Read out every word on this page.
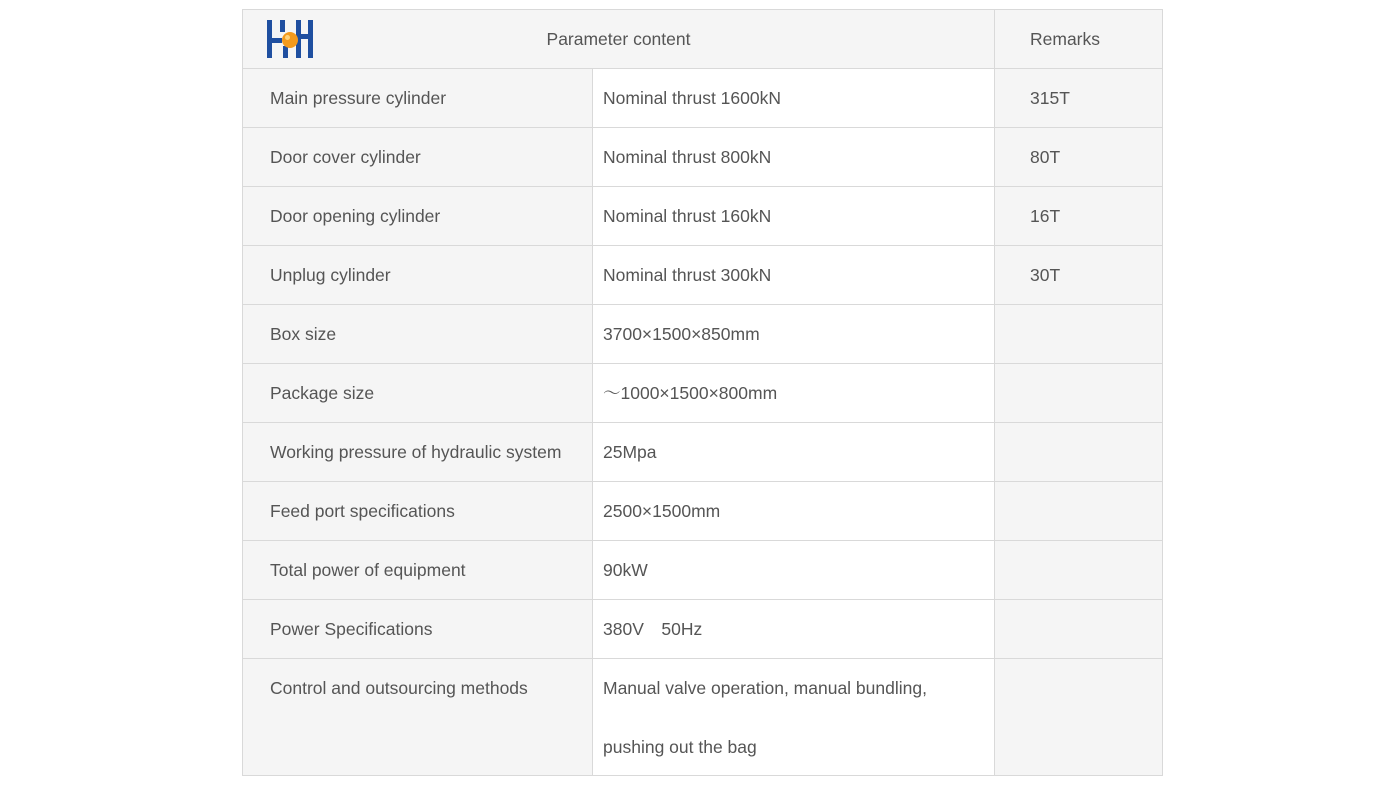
Parameter content		Remarks
Main pressure cylinder	Nominal thrust 1600kN	315T
Door cover cylinder	Nominal thrust 800kN	80T
Door opening cylinder	Nominal thrust 160kN	16T
Unplug cylinder	Nominal thrust 300kN	30T
Box size	3700×1500×850mm	
Package size	～1000×1500×800mm	
Working pressure of hydraulic system	25Mpa	
Feed port specifications	2500×1500mm	
Total power of equipment	90kW	
Power Specifications	380V　50Hz	
Control and outsourcing methods	Manual valve operation, manual bundling,
pushing out the bag	
